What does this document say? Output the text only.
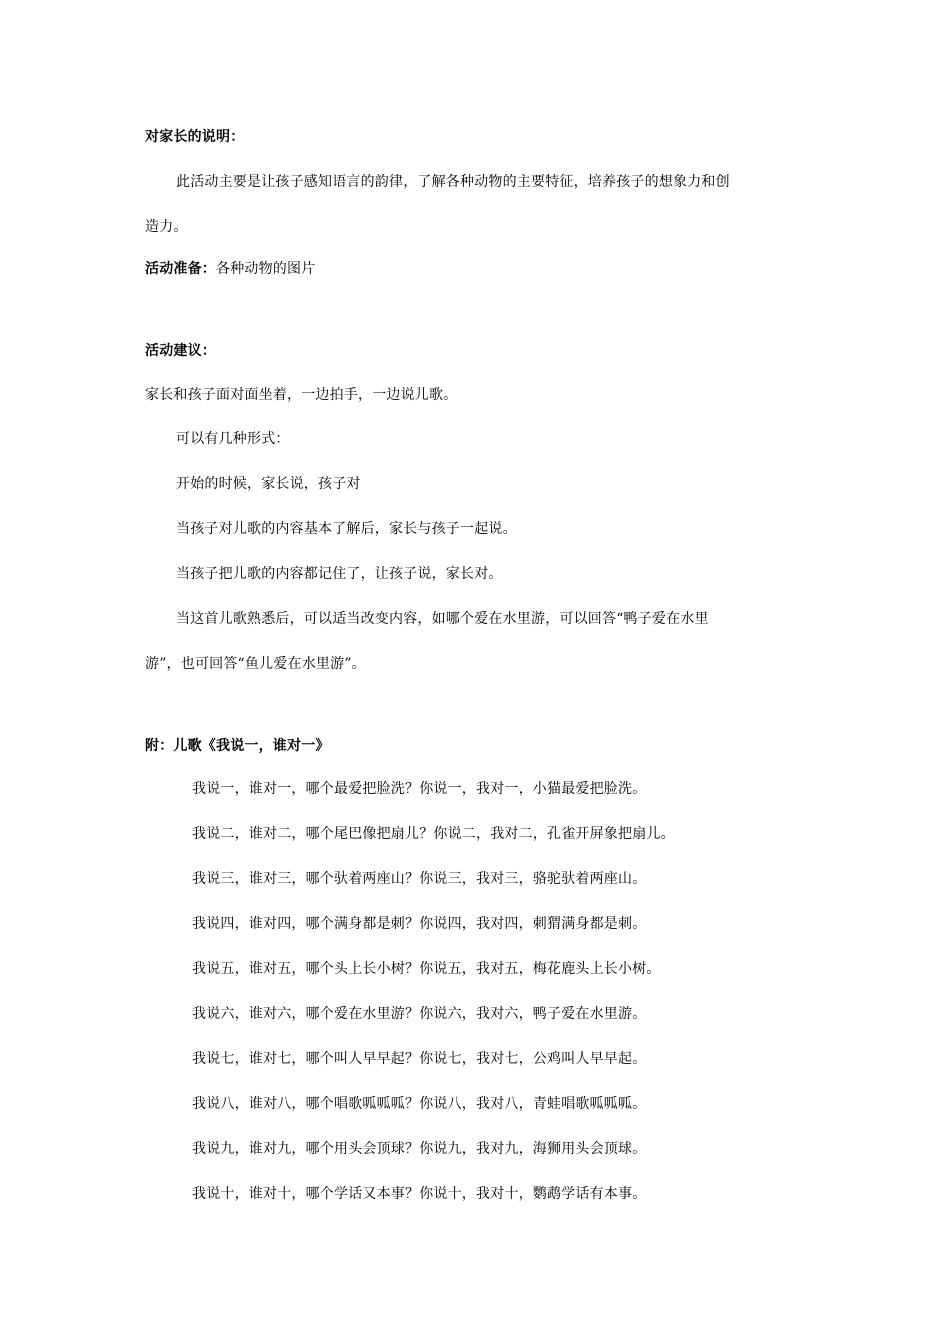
对家长的说明：
此活动主要是让孩子感知语言的韵律，了解各种动物的主要特征，培养孩子的想象力和创
造力。
活动准备：各种动物的图片
活动建议：
家长和孩子面对面坐着，一边拍手，一边说儿歌。
可以有几种形式：
开始的时候，家长说，孩子对
当孩子对儿歌的内容基本了解后，家长与孩子一起说。
当孩子把儿歌的内容都记住了，让孩子说，家长对。
当这首儿歌熟悉后，可以适当改变内容，如哪个爱在水里游，可以回答“鸭子爱在水里
游”，也可回答“鱼儿爱在水里游”。
附：儿歌《我说一，谁对一》
我说一，谁对一，哪个最爱把脸洗？你说一，我对一，小猫最爱把脸洗。
我说二，谁对二，哪个尾巴像把扇儿？你说二，我对二，孔雀开屏象把扇儿。
我说三，谁对三，哪个驮着两座山？你说三，我对三，骆驼驮着两座山。
我说四，谁对四，哪个满身都是刺？你说四，我对四，刺猬满身都是刺。
我说五，谁对五，哪个头上长小树？你说五，我对五，梅花鹿头上长小树。
我说六，谁对六，哪个爱在水里游？你说六，我对六，鸭子爱在水里游。
我说七，谁对七，哪个叫人早早起？你说七，我对七，公鸡叫人早早起。
我说八，谁对八，哪个唱歌呱呱呱？你说八，我对八，青蛙唱歌呱呱呱。
我说九，谁对九，哪个用头会顶球？你说九，我对九，海狮用头会顶球。
我说十，谁对十，哪个学话又本事？你说十，我对十，鹦鹉学话有本事。
